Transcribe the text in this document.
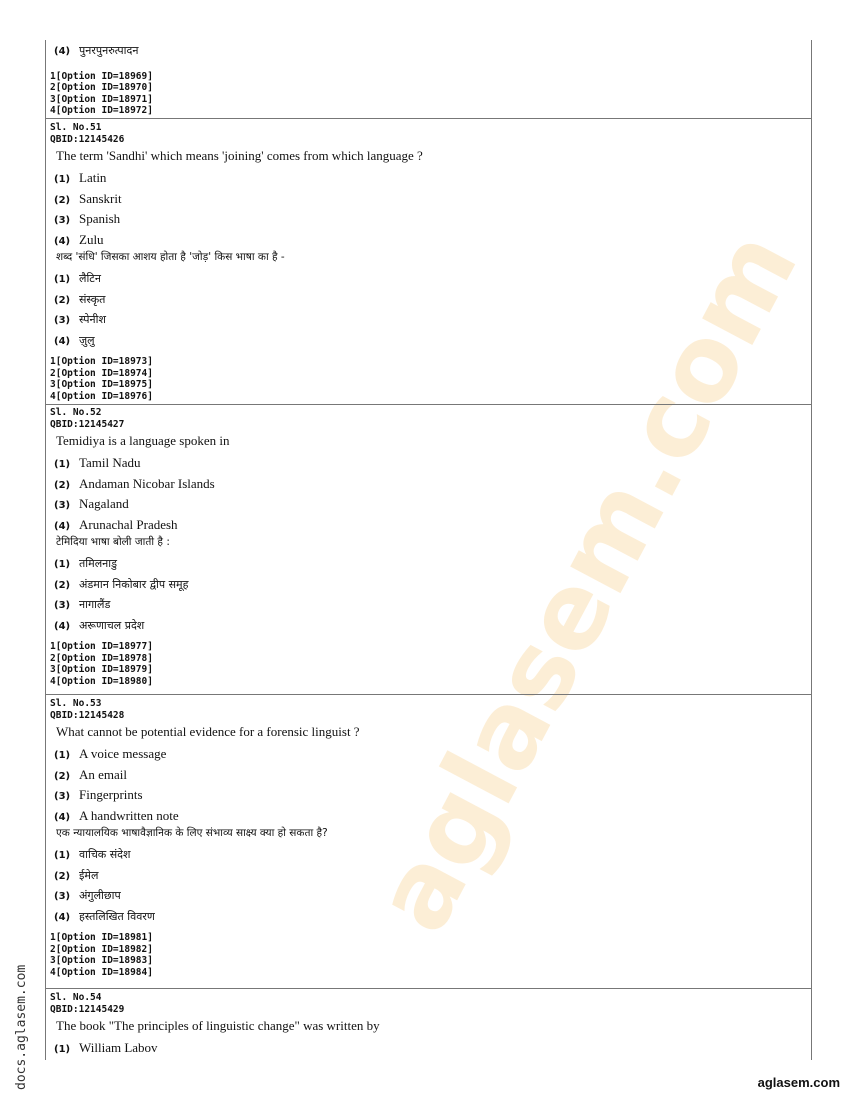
aglasem.com
(4) पुनरपुनरुत्पादन
1[Option ID=18969]
2[Option ID=18970]
3[Option ID=18971]
4[Option ID=18972]
Sl. No.51
QBID:12145426
The term 'Sandhi' which means 'joining' comes from which language ?
(1) Latin
(2) Sanskrit
(3) Spanish
(4) Zulu
शब्द 'संधि' जिसका आशय होता है 'जोड़' किस भाषा का है -
(1) लैटिन
(2) संस्कृत
(3) स्पेनीश
(4) ज़ुलु
1[Option ID=18973]
2[Option ID=18974]
3[Option ID=18975]
4[Option ID=18976]
Sl. No.52
QBID:12145427
Temidiya is a language spoken in
(1) Tamil Nadu
(2) Andaman Nicobar Islands
(3) Nagaland
(4) Arunachal Pradesh
टेमिदिया भाषा बोली जाती है :
(1) तमिलनाडु
(2) अंडमान निकोबार द्वीप समूह
(3) नागालैंड
(4) अरूणाचल प्रदेश
1[Option ID=18977]
2[Option ID=18978]
3[Option ID=18979]
4[Option ID=18980]
Sl. No.53
QBID:12145428
What cannot be potential evidence for a forensic linguist ?
(1) A voice message
(2) An email
(3) Fingerprints
(4) A handwritten note
एक न्यायालयिक भाषावैज्ञानिक के लिए संभाव्य साक्ष्य क्या हो सकता है?
(1) वाचिक संदेश
(2) ईमेल
(3) अंगुलीछाप
(4) हस्तलिखित विवरण
1[Option ID=18981]
2[Option ID=18982]
3[Option ID=18983]
4[Option ID=18984]
Sl. No.54
QBID:12145429
The book "The principles of linguistic change" was written by
(1) William Labov
docs.aglasem.com	aglasem.com
